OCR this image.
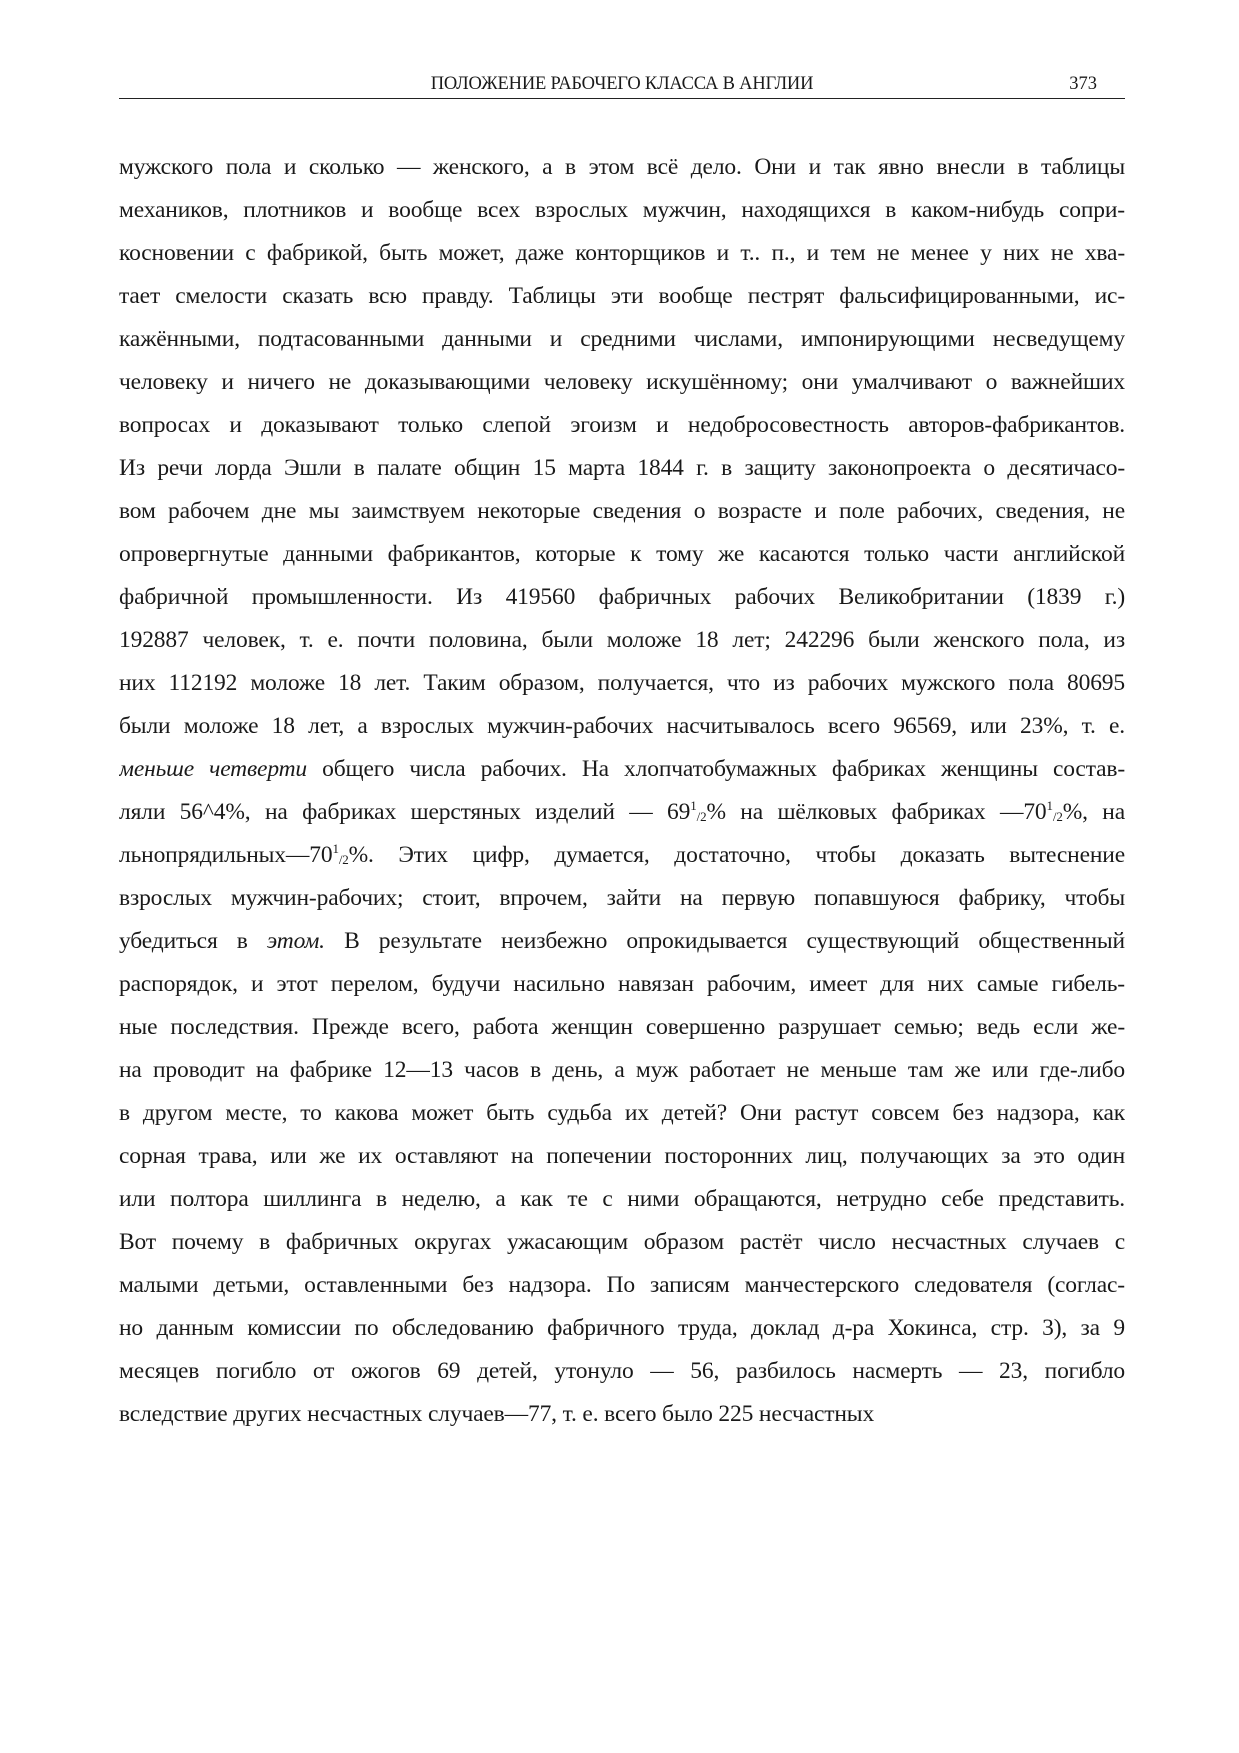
ПОЛОЖЕНИЕ РАБОЧЕГО КЛАССА В АНГЛИИ	373
мужского пола и сколько — женского, а в этом всё дело. Они и так явно внесли в таблицы
механиков, плотников и вообще всех взрослых мужчин, находящихся в каком-нибудь сопри-
косновении с фабрикой, быть может, даже конторщиков и т.. п., и тем не менее у них не хва-
тает смелости сказать всю правду. Таблицы эти вообще пестрят фальсифицированными, ис-
кажёнными, подтасованными данными и средними числами, импонирующими несведущему
человеку и ничего не доказывающими человеку искушённому; они умалчивают о важнейших
вопросах и доказывают только слепой эгоизм и недобросовестность авторов-фабрикантов.
Из речи лорда Эшли в палате общин 15 марта 1844 г. в защиту законопроекта о десятичасо-
вом рабочем дне мы заимствуем некоторые сведения о возрасте и поле рабочих, сведения, не
опровергнутые данными фабрикантов, которые к тому же касаются только части английской
фабричной промышленности. Из 419560 фабричных рабочих Великобритании (1839 г.)
192887 человек, т. е. почти половина, были моложе 18 лет; 242296 были женского пола, из
них 112192 моложе 18 лет. Таким образом, получается, что из рабочих мужского пола 80695
были моложе 18 лет, а взрослых мужчин-рабочих насчитывалось всего 96569, или 23%, т. е.
меньше четверти общего числа рабочих. На хлопчатобумажных фабриках женщины состав-
ляли 56^4%, на фабриках шерстяных изделий — $69^1_{/2}\%$ на шёлковых фабриках $—70^1_{/2}\%$, на
$льнопрядильных—70^1_{/2}\%$. Этих цифр, думается, достаточно, чтобы доказать вытеснение
взрослых мужчин-рабочих; стоит, впрочем, зайти на первую попавшуюся фабрику, чтобы
убедиться в этом. В результате неизбежно опрокидывается существующий общественный
распорядок, и этот перелом, будучи насильно навязан рабочим, имеет для них самые гибель-
ные последствия. Прежде всего, работа женщин совершенно разрушает семью; ведь если же-
на проводит на фабрике 12—13 часов в день, а муж работает не меньше там же или где-либо
в другом месте, то какова может быть судьба их детей? Они растут совсем без надзора, как
сорная трава, или же их оставляют на попечении посторонних лиц, получающих за это один
или полтора шиллинга в неделю, а как те с ними обращаются, нетрудно себе представить.
Вот почему в фабричных округах ужасающим образом растёт число несчастных случаев с
малыми детьми, оставленными без надзора. По записям манчестерского следователя (соглас-
но данным комиссии по обследованию фабричного труда, доклад д-ра Хокинса, стр. 3), за 9
месяцев погибло от ожогов 69 детей, утонуло — 56, разбилось насмерть — 23, погибло
вследствие других несчастных случаев—77, т. е. всего было 225 несчастных
